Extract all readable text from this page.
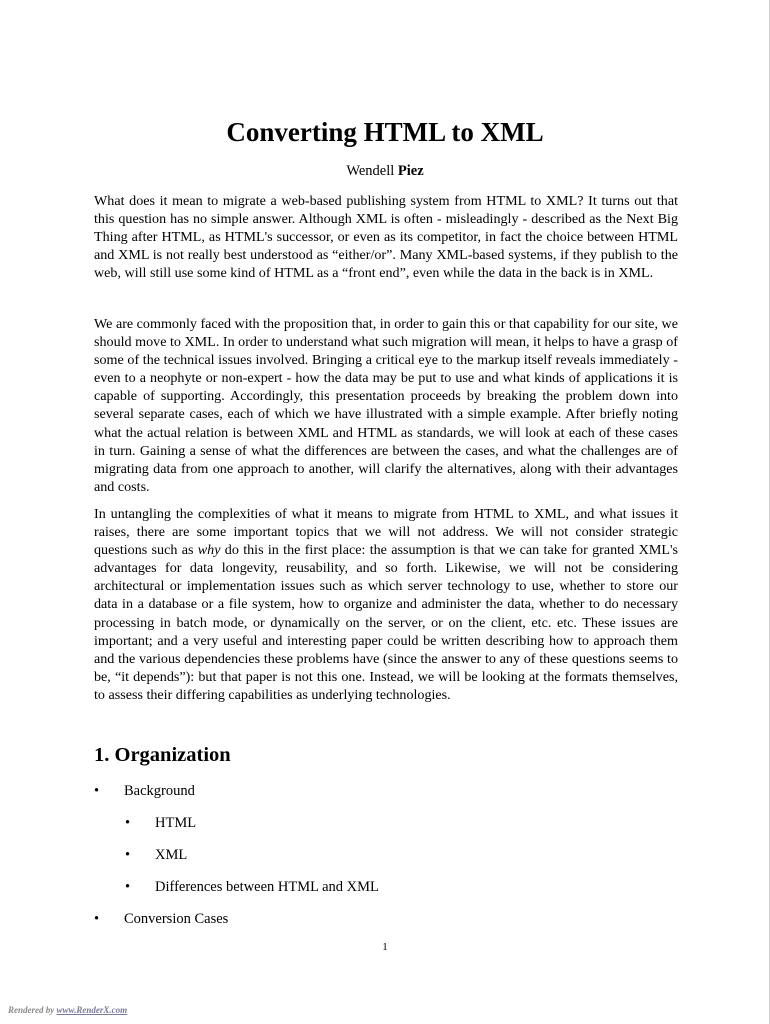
Converting HTML to XML
Wendell Piez

What does it mean to migrate a web-based publishing system from HTML to XML? It turns out that this question has no simple answer. Although XML is often - misleadingly - described as the Next Big Thing after HTML, as HTML's successor, or even as its competitor, in fact the choice between HTML and XML is not really best understood as “either/or”. Many XML-based systems, if they publish to the web, will still use some kind of HTML as a “front end”, even while the data in the back is in XML.

We are commonly faced with the proposition that, in order to gain this or that capability for our site, we should move to XML. In order to understand what such migration will mean, it helps to have a grasp of some of the technical issues involved. Bringing a critical eye to the markup itself reveals immediately - even to a neophyte or non-expert - how the data may be put to use and what kinds of applications it is capable of supporting. Accordingly, this presentation proceeds by breaking the problem down into several separate cases, each of which we have illustrated with a simple example. After briefly noting what the actual relation is between XML and HTML as standards, we will look at each of these cases in turn. Gaining a sense of what the differences are between the cases, and what the challenges are of migrating data from one approach to another, will clarify the alternatives, along with their advantages and costs.

In untangling the complexities of what it means to migrate from HTML to XML, and what issues it raises, there are some important topics that we will not address. We will not consider strategic questions such as why do this in the first place: the assumption is that we can take for granted XML's advantages for data longevity, reusability, and so forth. Likewise, we will not be considering architectural or implementation issues such as which server technology to use, whether to store our data in a database or a file system, how to organize and administer the data, whether to do necessary processing in batch mode, or dynamically on the server, or on the client, etc. etc. These issues are important; and a very useful and interesting paper could be written describing how to approach them and the various dependencies these problems have (since the answer to any of these questions seems to be, “it depends”): but that paper is not this one. Instead, we will be looking at the formats themselves, to assess their differing capabilities as underlying technologies.

1. Organization
• Background
• HTML
• XML
• Differences between HTML and XML
• Conversion Cases
1
Rendered by www.RenderX.com
